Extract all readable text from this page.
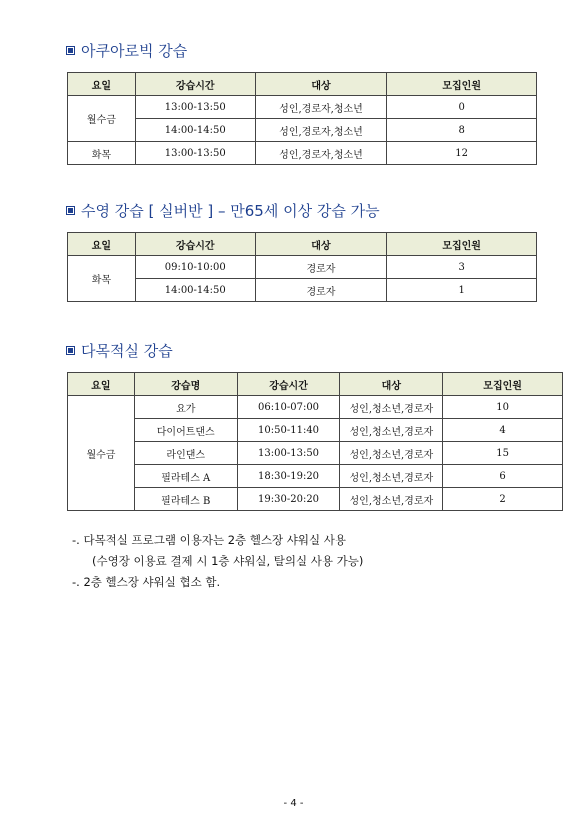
아쿠아로빅 강습
요일	강습시간	대상	모집인원
월수금	13:00-13:50	성인,경로자,청소년	0
	14:00-14:50	성인,경로자,청소년	8
화목	13:00-13:50	성인,경로자,청소년	12
수영 강습 [ 실버반 ] – 만65세 이상 강습 가능
요일	강습시간	대상	모집인원
화목	09:10-10:00	경로자	3
	14:00-14:50	경로자	1
다목적실 강습
요일	강습명	강습시간	대상	모집인원
월수금	요가	06:10-07:00	성인,청소년,경로자	10
	다이어트댄스	10:50-11:40	성인,청소년,경로자	4
	라인댄스	13:00-13:50	성인,청소년,경로자	15
	필라테스 A	18:30-19:20	성인,청소년,경로자	6
	필라테스 B	19:30-20:20	성인,청소년,경로자	2
-. 다목적실 프로그램 이용자는 2층 헬스장 샤워실 사용
(수영장 이용료 결제 시 1층 샤워실, 탈의실 사용 가능)
-. 2층 헬스장 샤워실 협소 함.
- 4 -
